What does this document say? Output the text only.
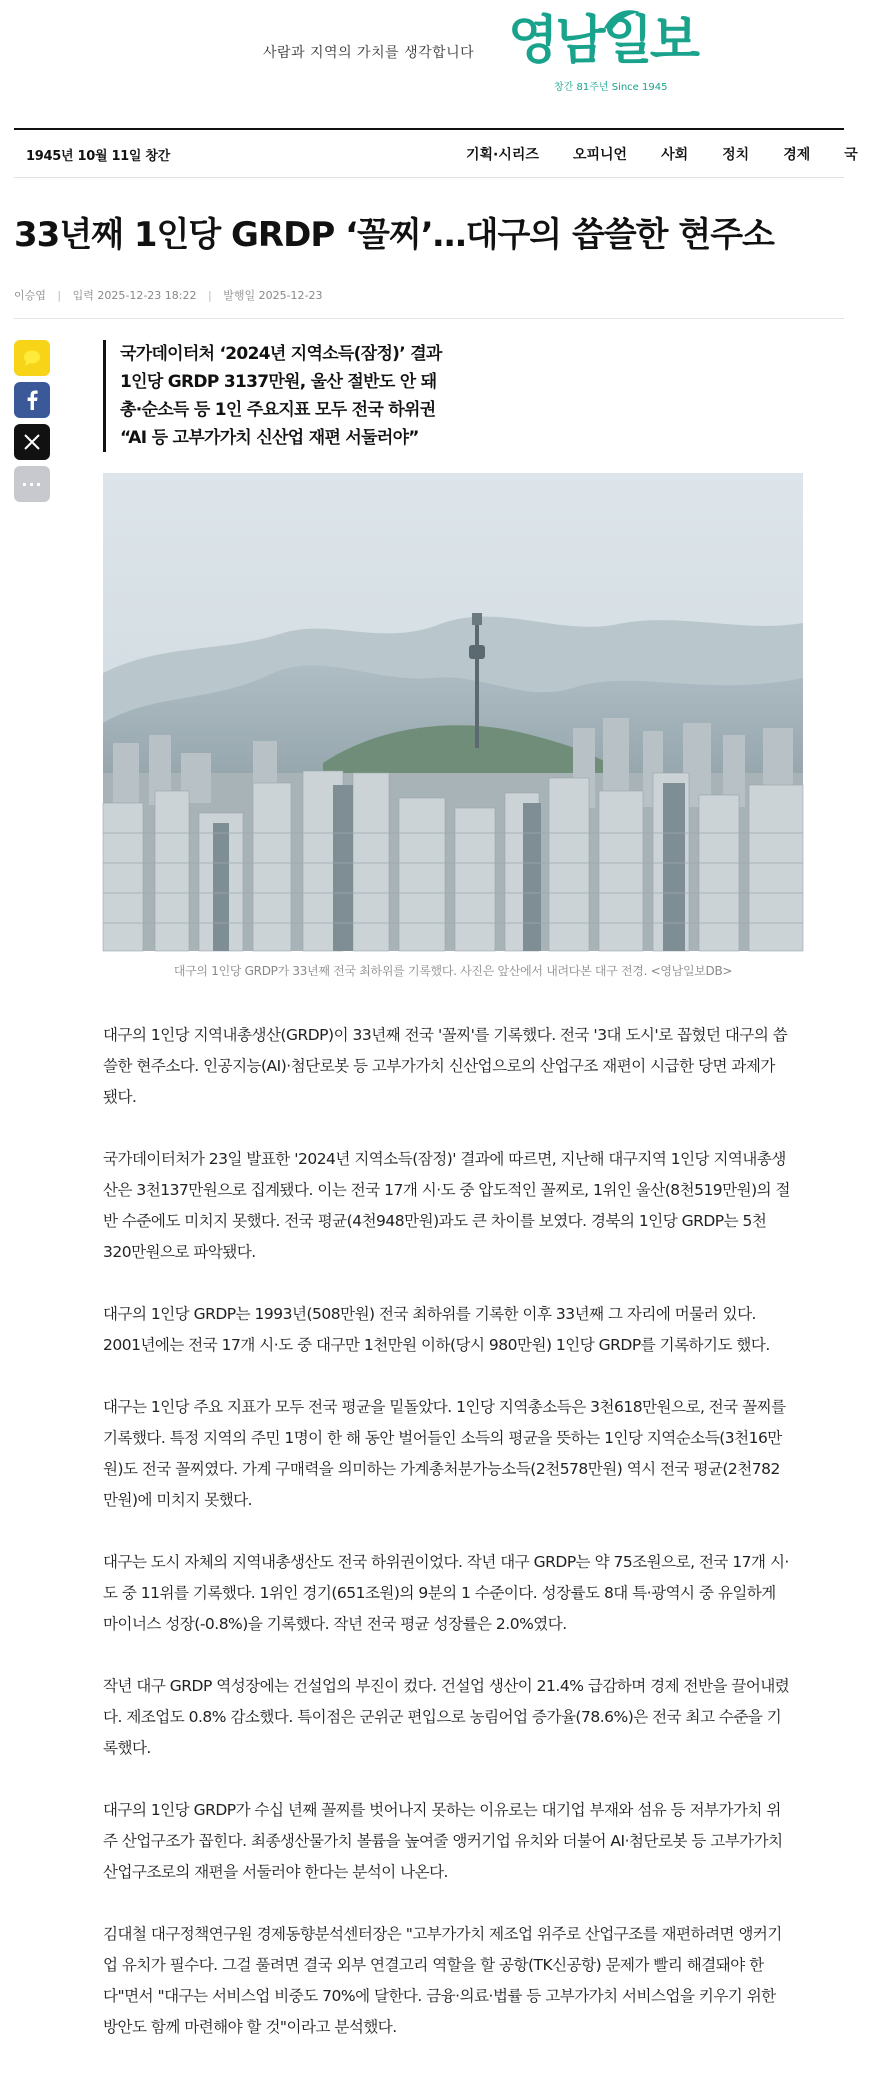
사람과 지역의 가치를 생각합니다 영남일보
창간 81주년 Since 1945
1945년 10월 11일 창간	기획·시리즈 오피니언 사회 정치 경제 국
33년째 1인당 GRDP ‘꼴찌’…대구의 씁쓸한 현주소
이승엽 | 입력 2025-12-23 18:22 | 발행일 2025-12-23
···
국가데이터처 ‘2024년 지역소득(잠정)’ 결과
1인당 GRDP 3137만원, 울산 절반도 안 돼
총·순소득 등 1인 주요지표 모두 전국 하위권
“AI 등 고부가가치 신산업 재편 서둘러야”
대구의 1인당 GRDP가 33년째 전국 최하위를 기록했다. 사진은 앞산에서 내려다본 대구 전경. <영남일보DB>

대구의 1인당 지역내총생산(GRDP)이 33년째 전국 '꼴찌'를 기록했다. 전국 '3대 도시'로 꼽혔던 대구의 씁쓸한 현주소다. 인공지능(AI)·첨단로봇 등 고부가가치 신산업으로의 산업구조 재편이 시급한 당면 과제가 됐다.

국가데이터처가 23일 발표한 '2024년 지역소득(잠정)' 결과에 따르면, 지난해 대구지역 1인당 지역내총생산은 3천137만원으로 집계됐다. 이는 전국 17개 시·도 중 압도적인 꼴찌로, 1위인 울산(8천519만원)의 절반 수준에도 미치지 못했다. 전국 평균(4천948만원)과도 큰 차이를 보였다. 경북의 1인당 GRDP는 5천320만원으로 파악됐다.

대구의 1인당 GRDP는 1993년(508만원) 전국 최하위를 기록한 이후 33년째 그 자리에 머물러 있다. 2001년에는 전국 17개 시·도 중 대구만 1천만원 이하(당시 980만원) 1인당 GRDP를 기록하기도 했다.

대구는 1인당 주요 지표가 모두 전국 평균을 밑돌았다. 1인당 지역총소득은 3천618만원으로, 전국 꼴찌를 기록했다. 특정 지역의 주민 1명이 한 해 동안 벌어들인 소득의 평균을 뜻하는 1인당 지역순소득(3천16만원)도 전국 꼴찌였다. 가계 구매력을 의미하는 가계총처분가능소득(2천578만원) 역시 전국 평균(2천782만원)에 미치지 못했다.

대구는 도시 자체의 지역내총생산도 전국 하위권이었다. 작년 대구 GRDP는 약 75조원으로, 전국 17개 시·도 중 11위를 기록했다. 1위인 경기(651조원)의 9분의 1 수준이다. 성장률도 8대 특·광역시 중 유일하게 마이너스 성장(-0.8%)을 기록했다. 작년 전국 평균 성장률은 2.0%였다.

작년 대구 GRDP 역성장에는 건설업의 부진이 컸다. 건설업 생산이 21.4% 급감하며 경제 전반을 끌어내렸다. 제조업도 0.8% 감소했다. 특이점은 군위군 편입으로 농림어업 증가율(78.6%)은 전국 최고 수준을 기록했다.

대구의 1인당 GRDP가 수십 년째 꼴찌를 벗어나지 못하는 이유로는 대기업 부재와 섬유 등 저부가가치 위주 산업구조가 꼽힌다. 최종생산물가치 볼륨을 높여줄 앵커기업 유치와 더불어 AI·첨단로봇 등 고부가가치 산업구조로의 재편을 서둘러야 한다는 분석이 나온다.

김대철 대구정책연구원 경제동향분석센터장은 "고부가가치 제조업 위주로 산업구조를 재편하려면 앵커기업 유치가 필수다. 그걸 풀려면 결국 외부 연결고리 역할을 할 공항(TK신공항) 문제가 빨리 해결돼야 한다"면서 "대구는 서비스업 비중도 70%에 달한다. 금융·의료·법률 등 고부가가치 서비스업을 키우기 위한 방안도 함께 마련해야 할 것"이라고 분석했다.
